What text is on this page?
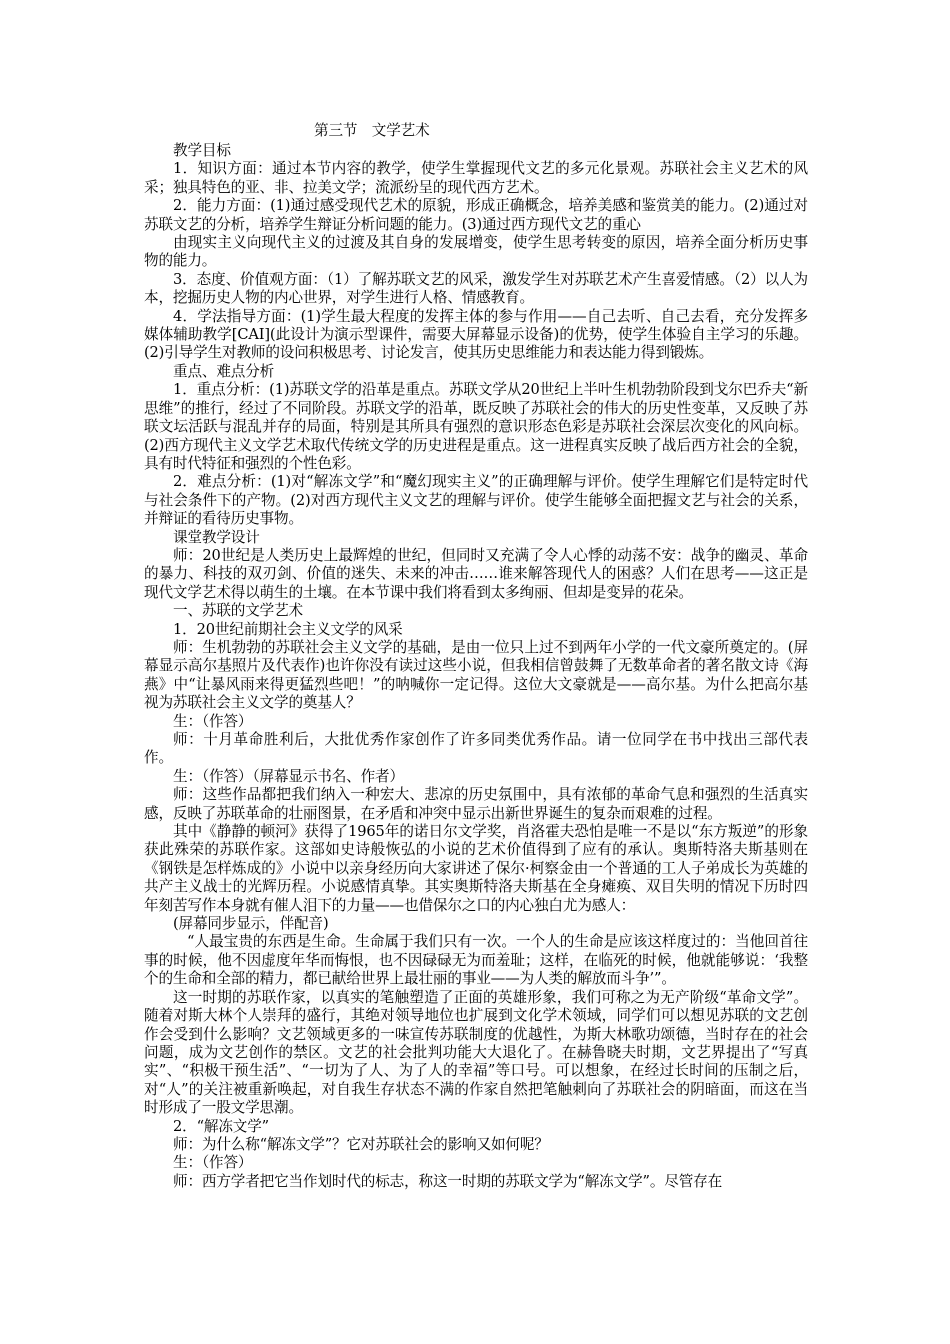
第三节　文学艺术

教学目标

1．知识方面：通过本节内容的教学，使学生掌握现代文艺的多元化景观。苏联社会主义艺术的风采；独具特色的亚、非、拉美文学；流派纷呈的现代西方艺术。

2．能力方面：(1)通过感受现代艺术的原貌，形成正确概念，培养美感和鉴赏美的能力。(2)通过对苏联文艺的分析，培养学生辩证分析问题的能力。(3)通过西方现代文艺的重心

由现实主义向现代主义的过渡及其自身的发展增变，使学生思考转变的原因，培养全面分析历史事物的能力。

3．态度、价值观方面：（1）了解苏联文艺的风采，激发学生对苏联艺术产生喜爱情感。（2）以人为本，挖掘历史人物的内心世界，对学生进行人格、情感教育。

4．学法指导方面：(1)学生最大程度的发挥主体的参与作用——自己去听、自己去看，充分发挥多媒体辅助教学[CAI](此设计为演示型课件，需要大屏幕显示设备)的优势，使学生体验自主学习的乐趣。(2)引导学生对教师的设问积极思考、讨论发言，使其历史思维能力和表达能力得到锻炼。

重点、难点分析

1．重点分析：(1)苏联文学的沿革是重点。苏联文学从20世纪上半叶生机勃勃阶段到戈尔巴乔夫“新思维”的推行，经过了不同阶段。苏联文学的沿革，既反映了苏联社会的伟大的历史性变革，又反映了苏联文坛活跃与混乱并存的局面，特别是其所具有强烈的意识形态色彩是苏联社会深层次变化的风向标。(2)西方现代主义文学艺术取代传统文学的历史进程是重点。这一进程真实反映了战后西方社会的全貌，具有时代特征和强烈的个性色彩。

2．难点分析：(1)对“解冻文学”和“魔幻现实主义”的正确理解与评价。使学生理解它们是特定时代与社会条件下的产物。(2)对西方现代主义文艺的理解与评价。使学生能够全面把握文艺与社会的关系，并辩证的看待历史事物。

课堂教学设计

师：20世纪是人类历史上最辉煌的世纪，但同时又充满了令人心悸的动荡不安：战争的幽灵、革命的暴力、科技的双刃剑、价值的迷失、未来的冲击……谁来解答现代人的困惑？人们在思考——这正是现代文学艺术得以萌生的土壤。在本节课中我们将看到太多绚丽、但却是变异的花朵。

一、苏联的文学艺术

1．20世纪前期社会主义文学的风采

师：生机勃勃的苏联社会主义文学的基础，是由一位只上过不到两年小学的一代文豪所奠定的。(屏幕显示高尔基照片及代表作)也许你没有读过这些小说，但我相信曾鼓舞了无数革命者的著名散文诗《海燕》中“让暴风雨来得更猛烈些吧！”的呐喊你一定记得。这位大文豪就是——高尔基。为什么把高尔基视为苏联社会主义文学的奠基人？

生：（作答）

师：十月革命胜利后，大批优秀作家创作了许多同类优秀作品。请一位同学在书中找出三部代表作。

生：（作答）（屏幕显示书名、作者）

师：这些作品都把我们纳入一种宏大、悲凉的历史氛围中，具有浓郁的革命气息和强烈的生活真实感，反映了苏联革命的壮丽图景，在矛盾和冲突中显示出新世界诞生的复杂而艰难的过程。

其中《静静的顿河》获得了1965年的诺日尔文学奖，肖洛霍夫恐怕是唯一不是以“东方叛逆”的形象获此殊荣的苏联作家。这部如史诗般恢弘的小说的艺术价值得到了应有的承认。奥斯特洛夫斯基则在《钢铁是怎样炼成的》小说中以亲身经历向大家讲述了保尔·柯察金由一个普通的工人子弟成长为英雄的共产主义战士的光辉历程。小说感情真挚。其实奥斯特洛夫斯基在全身瘫痪、双目失明的情况下历时四年刻苦写作本身就有催人泪下的力量——也借保尔之口的内心独白尤为感人：

(屏幕同步显示，伴配音)

“人最宝贵的东西是生命。生命属于我们只有一次。一个人的生命是应该这样度过的：当他回首往事的时候，他不因虚度年华而悔恨，也不因碌碌无为而羞耻；这样，在临死的时候，他就能够说：‘我整个的生命和全部的精力，都已献给世界上最壮丽的事业——为人类的解放而斗争’”。

这一时期的苏联作家，以真实的笔触塑造了正面的英雄形象，我们可称之为无产阶级“革命文学”。随着对斯大林个人崇拜的盛行，其绝对领导地位也扩展到文化学术领域，同学们可以想见苏联的文艺创作会受到什么影响？文艺领域更多的一味宣传苏联制度的优越性，为斯大林歌功颂德，当时存在的社会问题，成为文艺创作的禁区。文艺的社会批判功能大大退化了。在赫鲁晓夫时期，文艺界提出了“写真实”、“积极干预生活”、“一切为了人、为了人的幸福”等口号。可以想象，在经过长时间的压制之后，对“人”的关注被重新唤起，对自我生存状态不满的作家自然把笔触刺向了苏联社会的阴暗面，而这在当时形成了一股文学思潮。

2．“解冻文学”

师：为什么称“解冻文学”？它对苏联社会的影响又如何呢？

生：（作答）

师：西方学者把它当作划时代的标志，称这一时期的苏联文学为“解冻文学”。尽管存在
